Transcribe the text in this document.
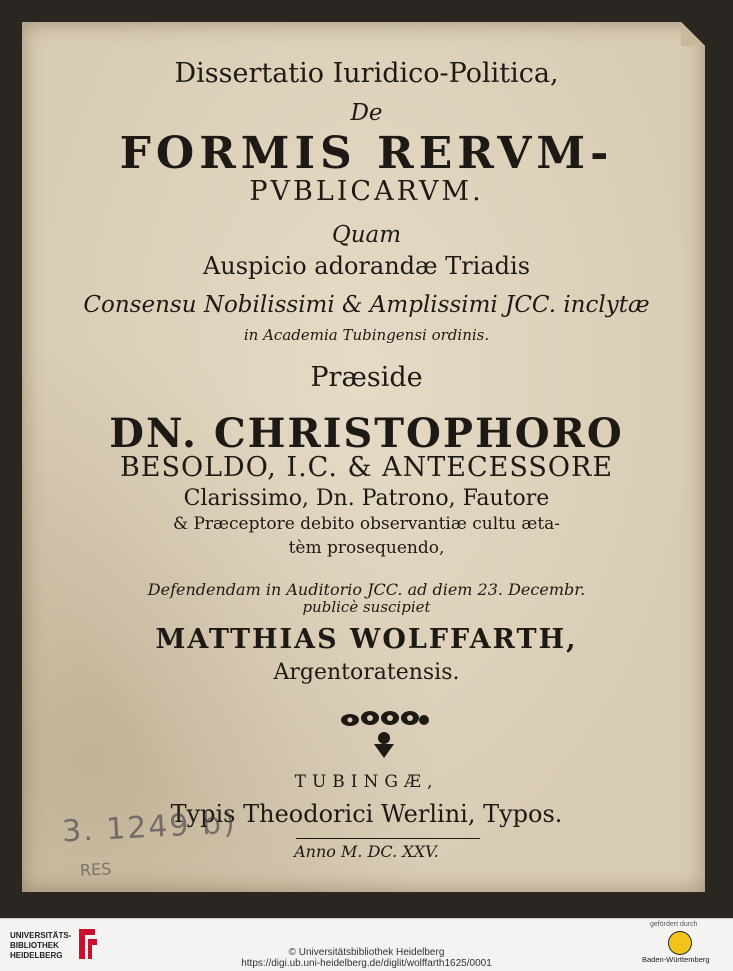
Dissertatio Iuridico-Politica,
De
FORMIS RERVM-
PVBLICARVM.
Quam
Auspicio adorandæ Triadis
Consensu Nobilissimi & Amplissimi JCC. inclytæ
in Academia Tubingensi ordinis.
Præside
DN. CHRISTOPHORO
BESOLDO, I.C. & ANTECESSORE
Clarissimo, Dn. Patrono, Fautore
& Præceptore debito observantiæ cultu æta-
tèm prosequendo,
Defendendam in Auditorio JCC. ad diem 23. Decembr.
publicè suscipiet
MATTHIAS WOLFFARTH,
Argentoratensis.
TUBINGÆ,
Typis Theodorici Werlini, Typos.
Anno M. DC. XXV.
3. 1249 b)
RES
UNIVERSITÄTS-
BIBLIOTHEK
HEIDELBERG	© Universitätsbibliothek Heidelberg
https://digi.ub.uni-heidelberg.de/diglit/wolffarth1625/0001
gefördert durch
Baden-Württemberg
